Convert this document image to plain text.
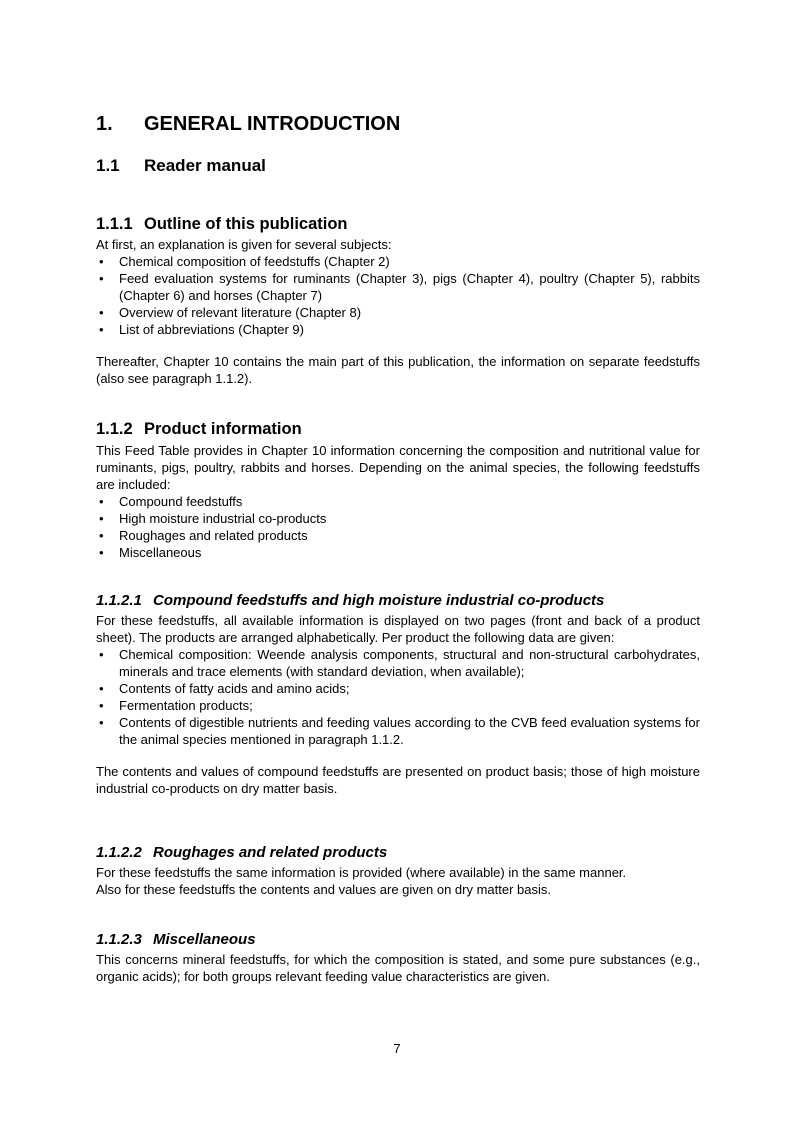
1. GENERAL INTRODUCTION
1.1 Reader manual
1.1.1 Outline of this publication

At first, an explanation is given for several subjects:

• Chemical composition of feedstuffs (Chapter 2)
• Feed evaluation systems for ruminants (Chapter 3), pigs (Chapter 4), poultry (Chapter 5), rabbits (Chapter 6) and horses (Chapter 7)
• Overview of relevant literature (Chapter 8)
• List of abbreviations (Chapter 9)

Thereafter, Chapter 10 contains the main part of this publication, the information on separate feedstuffs (also see paragraph 1.1.2).

1.1.2 Product information

This Feed Table provides in Chapter 10 information concerning the composition and nutritional value for ruminants, pigs, poultry, rabbits and horses. Depending on the animal species, the following feedstuffs are included:

• Compound feedstuffs
• High moisture industrial co-products
• Roughages and related products
• Miscellaneous
1.1.2.1 Compound feedstuffs and high moisture industrial co-products

For these feedstuffs, all available information is displayed on two pages (front and back of a product sheet). The products are arranged alphabetically. Per product the following data are given:

• Chemical composition: Weende analysis components, structural and non-structural carbohydrates, minerals and trace elements (with standard deviation, when available);
• Contents of fatty acids and amino acids;
• Fermentation products;
• Contents of digestible nutrients and feeding values according to the CVB feed evaluation systems for the animal species mentioned in paragraph 1.1.2.

The contents and values of compound feedstuffs are presented on product basis; those of high moisture industrial co-products on dry matter basis.

1.1.2.2 Roughages and related products

For these feedstuffs the same information is provided (where available) in the same manner.

Also for these feedstuffs the contents and values are given on dry matter basis.

1.1.2.3 Miscellaneous

This concerns mineral feedstuffs, for which the composition is stated, and some pure substances (e.g., organic acids); for both groups relevant feeding value characteristics are given.

7
